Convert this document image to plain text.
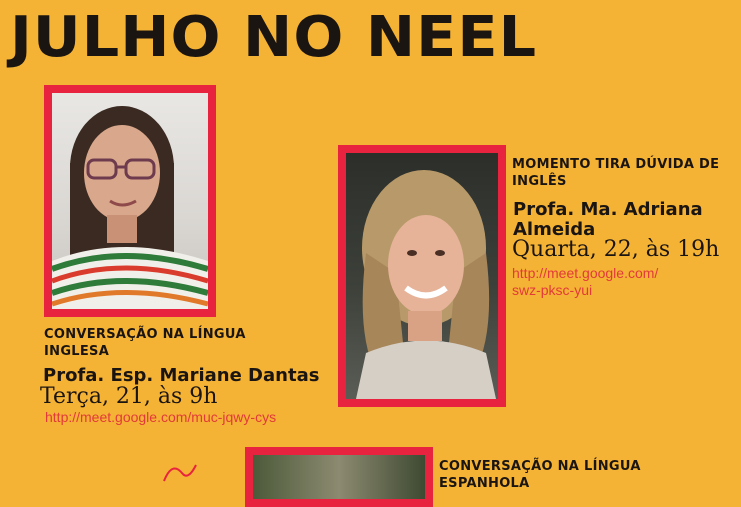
JULHO NO NEEL
CONVERSAÇÃO NA LÍNGUA INGLESA
Profa. Esp. Mariane Dantas
Terça, 21, às 9h
http://meet.google.com/muc-jqwy-cys
MOMENTO TIRA DÚVIDA DE INGLÊS
Profa. Ma. Adriana Almeida
Quarta, 22, às 19h
http://meet.google.com/
swz-pksc-yui
CONVERSAÇÃO NA LÍNGUA ESPANHOLA
